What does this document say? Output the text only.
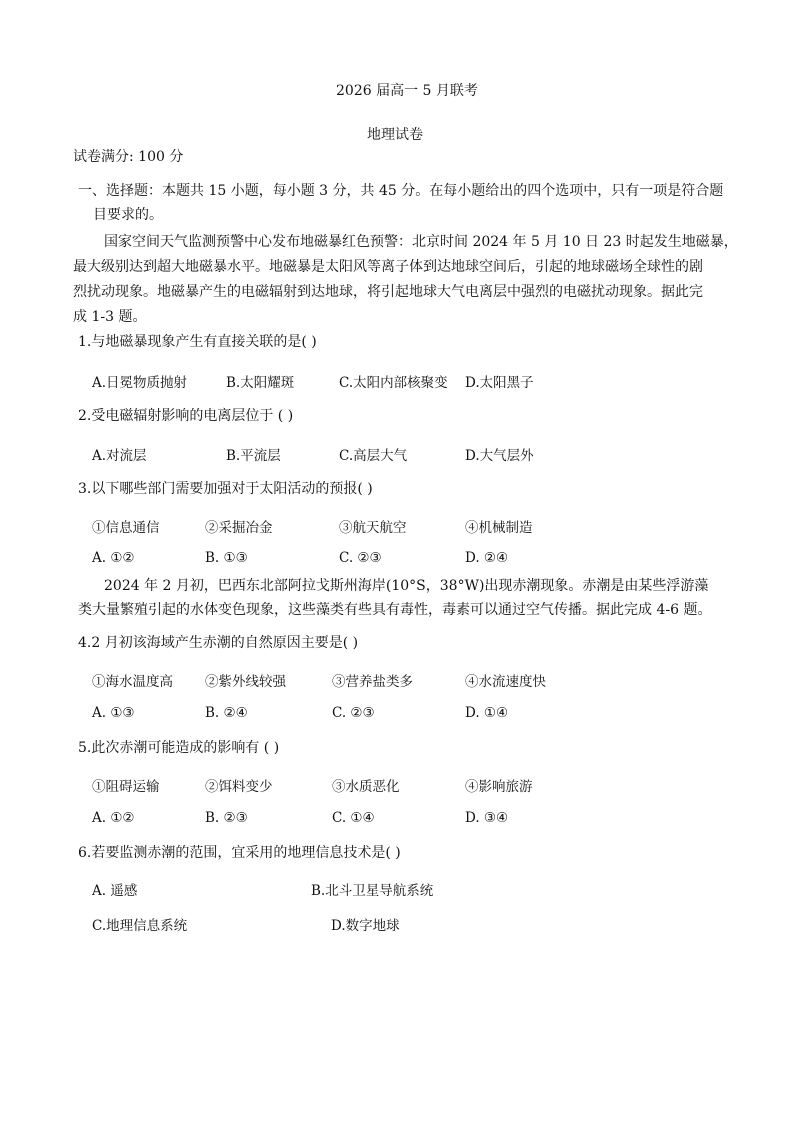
2026 届高一 5 月联考
地理试卷
试卷满分: 100 分
一、选择题：本题共 15 小题，每小题 3 分，共 45 分。在每小题给出的四个选项中，只有一项是符合题
目要求的。
国家空间天气监测预警中心发布地磁暴红色预警：北京时间 2024 年 5 月 10 日 23 时起发生地磁暴，
最大级别达到超大地磁暴水平。地磁暴是太阳风等离子体到达地球空间后，引起的地球磁场全球性的剧
烈扰动现象。地磁暴产生的电磁辐射到达地球，将引起地球大气电离层中强烈的电磁扰动现象。据此完
成 1-3 题。
1.与地磁暴现象产生有直接关联的是( )
A.日冕物质抛射	B.太阳耀斑	C.太阳内部核聚变 D.太阳黑子
2.受电磁辐射影响的电离层位于 ( )
A.对流层	B.平流层	C.高层大气	D.大气层外
3.以下哪些部门需要加强对于太阳活动的预报( )
①信息通信	②采掘冶金	③航天航空	④机械制造
A. ①②	B. ①③	C. ②③	D. ②④
2024 年 2 月初，巴西东北部阿拉戈斯州海岸(10°S，38°W)出现赤潮现象。赤潮是由某些浮游藻
类大量繁殖引起的水体变色现象，这些藻类有些具有毒性，毒素可以通过空气传播。据此完成 4-6 题。
4.2 月初该海域产生赤潮的自然原因主要是( )
①海水温度高 ②紫外线较强	③营养盐类多	④水流速度快
A. ①③	B. ②④	C. ②③	D. ①④
5.此次赤潮可能造成的影响有 ( )
①阻碍运输	②饵料变少	③水质恶化	④影响旅游
A. ①②	B. ②③	C. ①④	D. ③④
6.若要监测赤潮的范围，宜采用的地理信息技术是( )
A. 遥感	B.北斗卫星导航系统
C.地理信息系统	D.数字地球
